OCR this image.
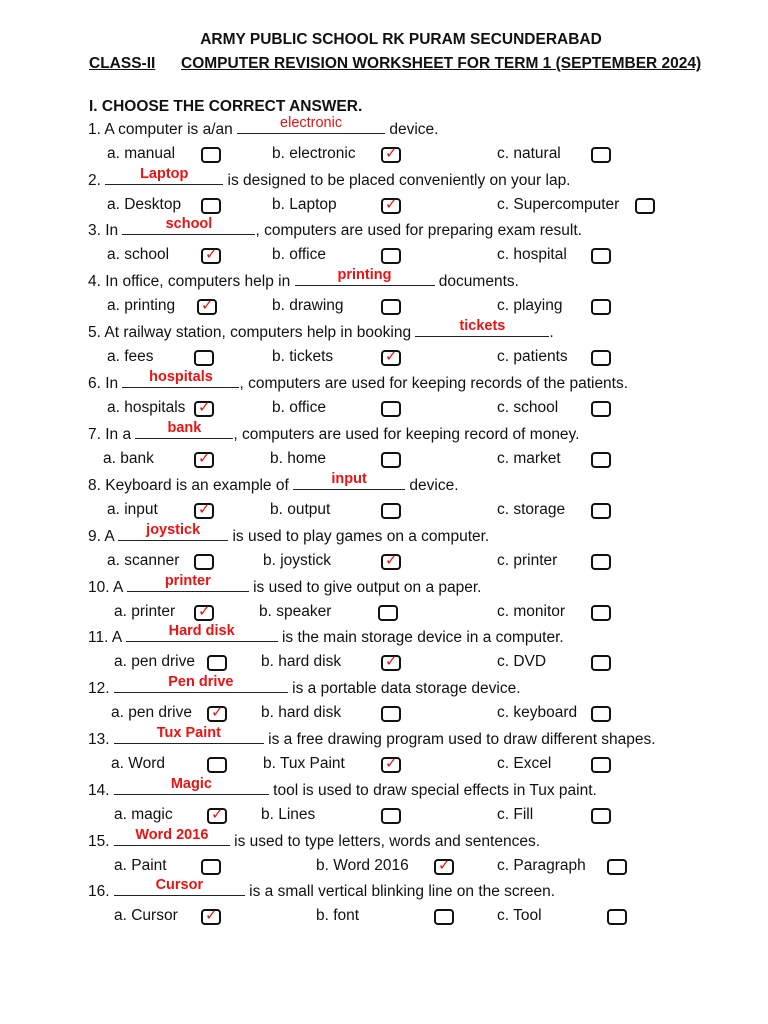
ARMY PUBLIC SCHOOL RK PURAM SECUNDERABAD
CLASS-II COMPUTER REVISION WORKSHEET FOR TERM 1 (SEPTEMBER 2024)
I. CHOOSE THE CORRECT ANSWER.
1. A computer is a/an	electronic	device.
a. manual	b. electronic ✓	c. natural
2.	Laptop	is designed to be placed conveniently on your lap.
a. Desktop	b. Laptop	✓	c. Supercomputer
3. In	school	, computers are used for preparing exam result.
a. school ✓	b. office	c. hospital
4. In office, computers help in	printing	documents.
a. printing ✓	b. drawing	c. playing
5. At railway station, computers help in booking	tickets	.
a. fees	b. tickets	✓	c. patients
6. In	hospitals	, computers are used for keeping records of the patients.
a. hospitals ✓	b. office	c. school
7. In a	bank	, computers are used for keeping record of money.
a. bank	✓	b. home	c. market
8. Keyboard is an example of	input	device.
a. input	✓	b. output	c. storage
9. A	joystick	is used to play games on a computer.
a. scanner	b. joystick	✓	c. printer
10. A	printer	is used to give output on a paper.
a. printer ✓	b. speaker	c. monitor
11. A	Hard disk	is the main storage device in a computer.
a. pen drive	b. hard disk	✓	c. DVD
12.	Pen drive	is a portable data storage device.
a. pen drive ✓ b. hard disk	c. keyboard
13.	Tux Paint	is a free drawing program used to draw different shapes.
a. Word	b. Tux Paint	✓	c. Excel
14.	Magic	tool is used to draw special effects in Tux paint.
a. magic	✓ b. Lines	c. Fill
15.	Word 2016	is used to type letters, words and sentences.
a. Paint	b. Word 2016 ✓	c. Paragraph
16.	Cursor	is a small vertical blinking line on the screen.
a. Cursor ✓	b. font	c. Tool
